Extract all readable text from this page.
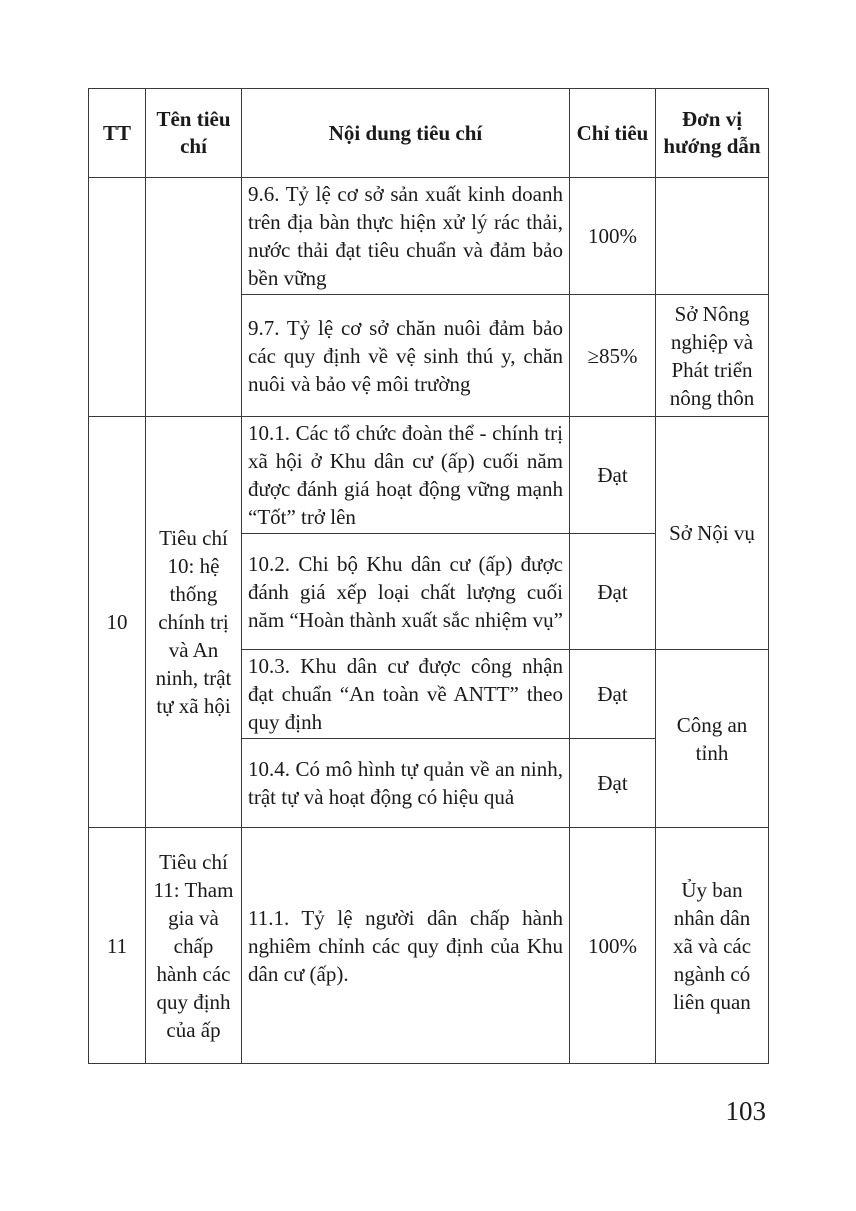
TT	Tên tiêu chí	Nội dung tiêu chí	Chỉ tiêu	Đơn vị hướng dẫn
		9.6. Tỷ lệ cơ sở sản xuất kinh doanh trên địa bàn thực hiện xử lý rác thải, nước thải đạt tiêu chuẩn và đảm bảo bền vững	100%	
		9.7. Tỷ lệ cơ sở chăn nuôi đảm bảo các quy định về vệ sinh thú y, chăn nuôi và bảo vệ môi trường	≥85%	Sở Nông nghiệp và Phát triển nông thôn
10	Tiêu chí 10: hệ thống chính trị và An ninh, trật tự xã hội	10.1. Các tổ chức đoàn thể - chính trị xã hội ở Khu dân cư (ấp) cuối năm được đánh giá hoạt động vững mạnh “Tốt” trở lên	Đạt	Sở Nội vụ
		10.2. Chi bộ Khu dân cư (ấp) được đánh giá xếp loại chất lượng cuối năm “Hoàn thành xuất sắc nhiệm vụ”	Đạt	
		10.3. Khu dân cư được công nhận đạt chuẩn “An toàn về ANTT” theo quy định	Đạt	Công an tỉnh
		10.4. Có mô hình tự quản về an ninh, trật tự và hoạt động có hiệu quả	Đạt	
11	Tiêu chí 11: Tham gia và chấp hành các quy định của ấp	11.1. Tỷ lệ người dân chấp hành nghiêm chỉnh các quy định của Khu dân cư (ấp).	100%	Ủy ban nhân dân xã và các ngành có liên quan
103
